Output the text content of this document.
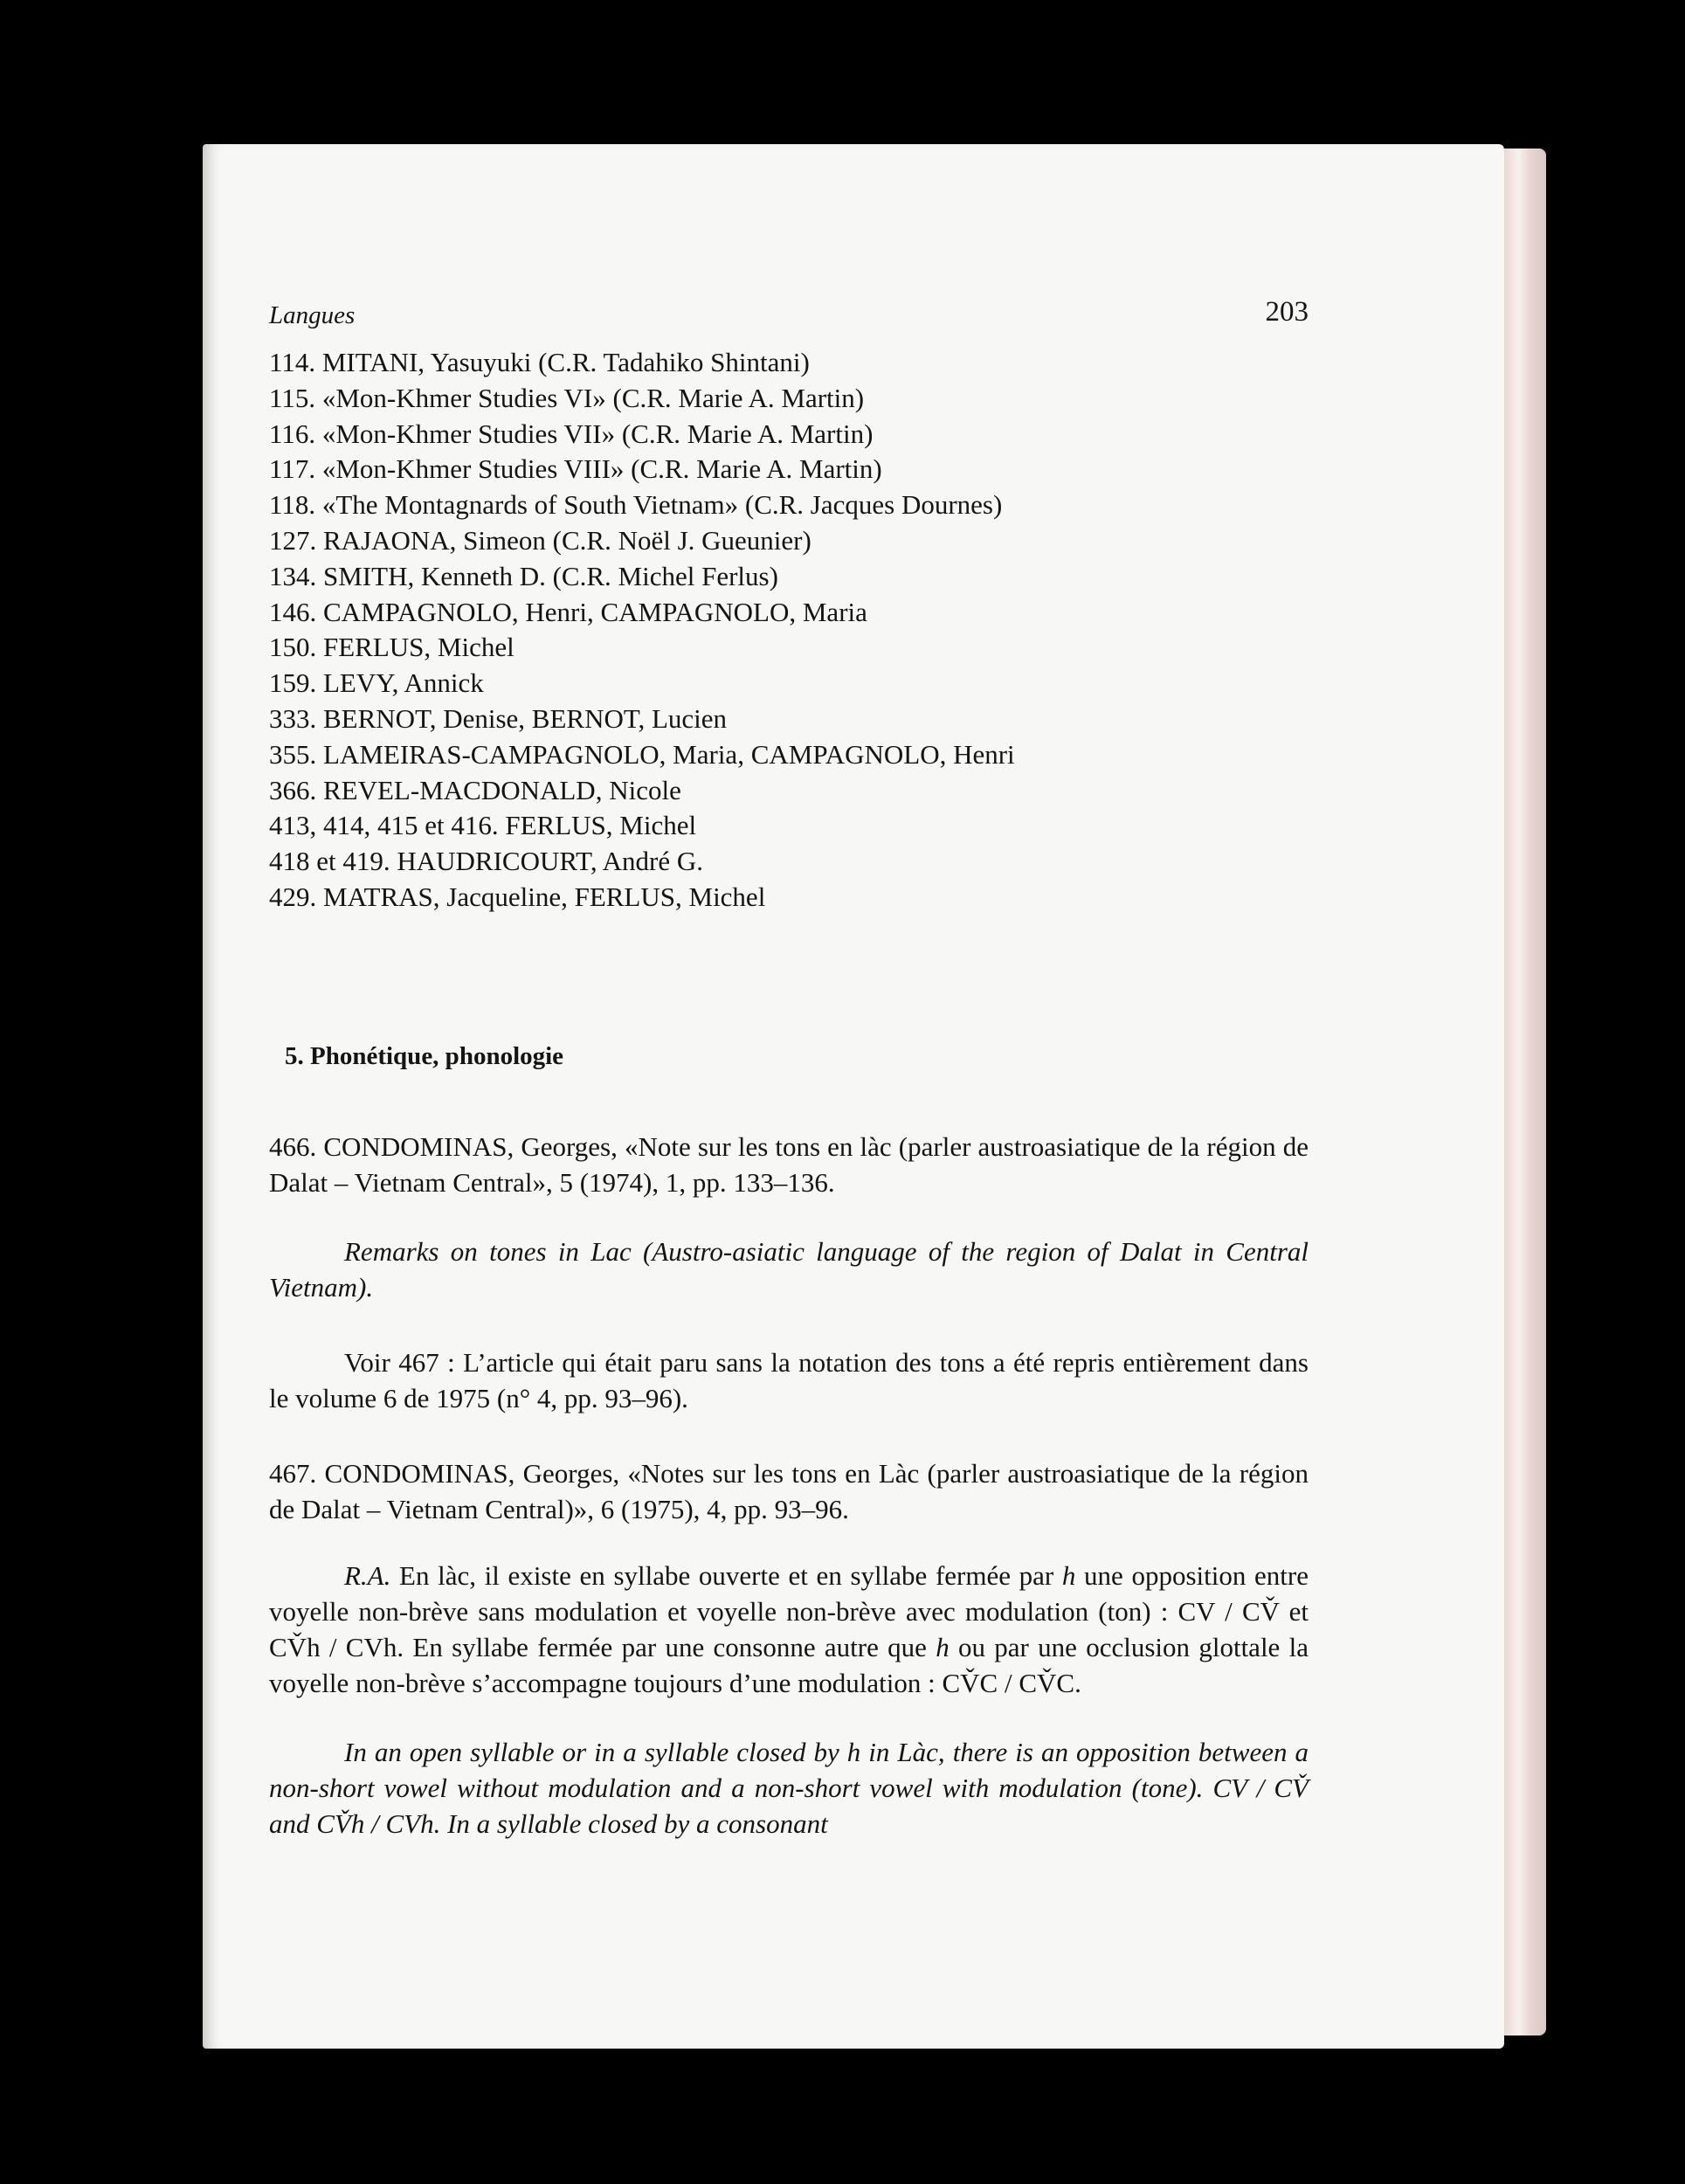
Langues	203
114. MITANI, Yasuyuki (C.R. Tadahiko Shintani)
115. «Mon-Khmer Studies VI» (C.R. Marie A. Martin)
116. «Mon-Khmer Studies VII» (C.R. Marie A. Martin)
117. «Mon-Khmer Studies VIII» (C.R. Marie A. Martin)
118. «The Montagnards of South Vietnam» (C.R. Jacques Dournes)
127. RAJAONA, Simeon (C.R. Noël J. Gueunier)
134. SMITH, Kenneth D. (C.R. Michel Ferlus)
146. CAMPAGNOLO, Henri, CAMPAGNOLO, Maria
150. FERLUS, Michel
159. LEVY, Annick
333. BERNOT, Denise, BERNOT, Lucien
355. LAMEIRAS-CAMPAGNOLO, Maria, CAMPAGNOLO, Henri
366. REVEL-MACDONALD, Nicole
413, 414, 415 et 416. FERLUS, Michel
418 et 419. HAUDRICOURT, André G.
429. MATRAS, Jacqueline, FERLUS, Michel
5. Phonétique, phonologie

466. CONDOMINAS, Georges, «Note sur les tons en làc (parler austroasiatique de la région de Dalat – Vietnam Central», 5 (1974), 1, pp. 133–136.

Remarks on tones in Lac (Austro-asiatic language of the region of Dalat in Central Vietnam).

Voir 467 : L’article qui était paru sans la notation des tons a été repris entièrement dans le volume 6 de 1975 (n° 4, pp. 93–96).

467. CONDOMINAS, Georges, «Notes sur les tons en Làc (parler austroasiatique de la région de Dalat – Vietnam Central)», 6 (1975), 4, pp. 93–96.

R.A. En làc, il existe en syllabe ouverte et en syllabe fermée par h une opposition entre voyelle non-brève sans modulation et voyelle non-brève avec modulation (ton) : CV / CV̌ et CV̌h / CVh. En syllabe fermée par une consonne autre que h ou par une occlusion glottale la voyelle non-brève s’accompagne toujours d’une modulation : CV̌C / CV̌C.

In an open syllable or in a syllable closed by h in Làc, there is an opposition between a non-short vowel without modulation and a non-short vowel with modulation (tone). CV / CV̌ and CV̌h / CVh. In a syllable closed by a consonant
